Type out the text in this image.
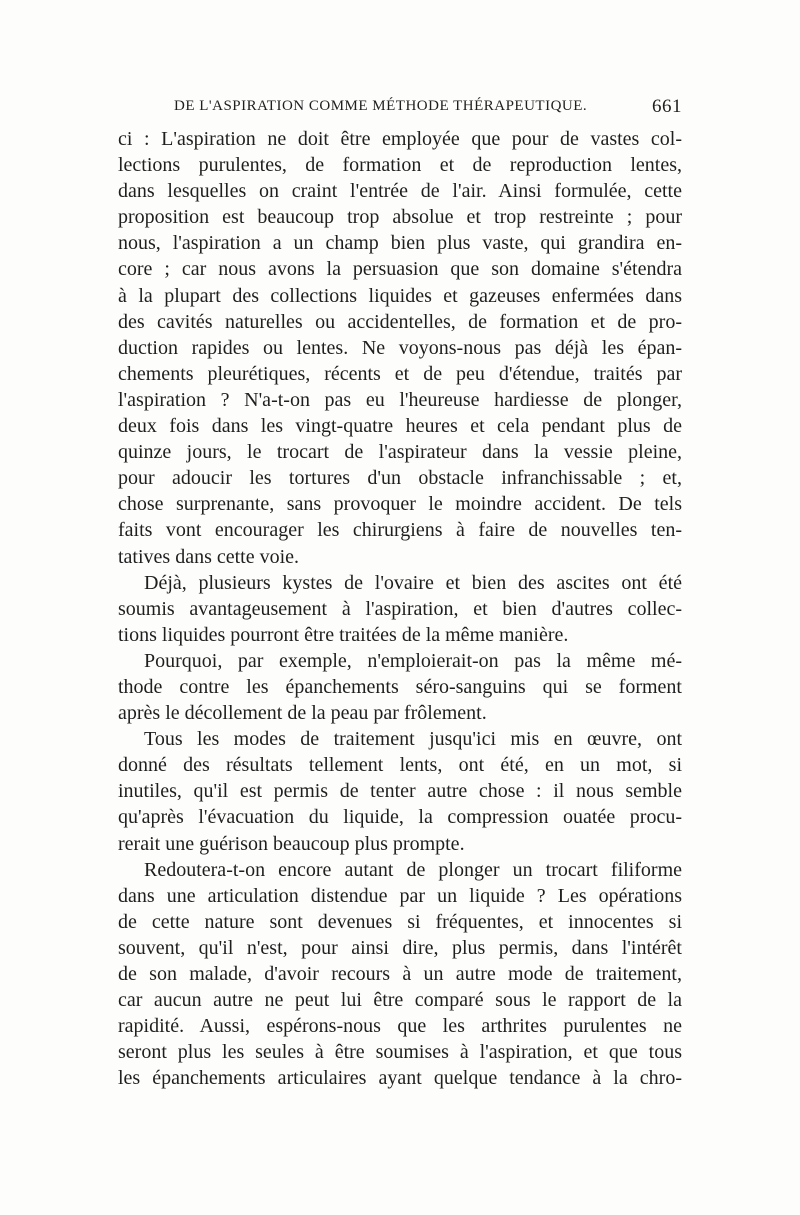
DE L'ASPIRATION COMME MÉTHODE THÉRAPEUTIQUE.	661
ci : L'aspiration ne doit être employée que pour de vastes col-
lections purulentes, de formation et de reproduction lentes,
dans lesquelles on craint l'entrée de l'air. Ainsi formulée, cette
proposition est beaucoup trop absolue et trop restreinte ; pour
nous, l'aspiration a un champ bien plus vaste, qui grandira en-
core ; car nous avons la persuasion que son domaine s'étendra
à la plupart des collections liquides et gazeuses enfermées dans
des cavités naturelles ou accidentelles, de formation et de pro-
duction rapides ou lentes. Ne voyons-nous pas déjà les épan-
chements pleurétiques, récents et de peu d'étendue, traités par
l'aspiration ? N'a-t-on pas eu l'heureuse hardiesse de plonger,
deux fois dans les vingt-quatre heures et cela pendant plus de
quinze jours, le trocart de l'aspirateur dans la vessie pleine,
pour adoucir les tortures d'un obstacle infranchissable ; et,
chose surprenante, sans provoquer le moindre accident. De tels
faits vont encourager les chirurgiens à faire de nouvelles ten-
tatives dans cette voie.
Déjà, plusieurs kystes de l'ovaire et bien des ascites ont été
soumis avantageusement à l'aspiration, et bien d'autres collec-
tions liquides pourront être traitées de la même manière.
Pourquoi, par exemple, n'emploierait-on pas la même mé-
thode contre les épanchements séro-sanguins qui se forment
après le décollement de la peau par frôlement.
Tous les modes de traitement jusqu'ici mis en œuvre, ont
donné des résultats tellement lents, ont été, en un mot, si
inutiles, qu'il est permis de tenter autre chose : il nous semble
qu'après l'évacuation du liquide, la compression ouatée procu-
rerait une guérison beaucoup plus prompte.
Redoutera-t-on encore autant de plonger un trocart filiforme
dans une articulation distendue par un liquide ? Les opérations
de cette nature sont devenues si fréquentes, et innocentes si
souvent, qu'il n'est, pour ainsi dire, plus permis, dans l'intérêt
de son malade, d'avoir recours à un autre mode de traitement,
car aucun autre ne peut lui être comparé sous le rapport de la
rapidité. Aussi, espérons-nous que les arthrites purulentes ne
seront plus les seules à être soumises à l'aspiration, et que tous
les épanchements articulaires ayant quelque tendance à la chro-
